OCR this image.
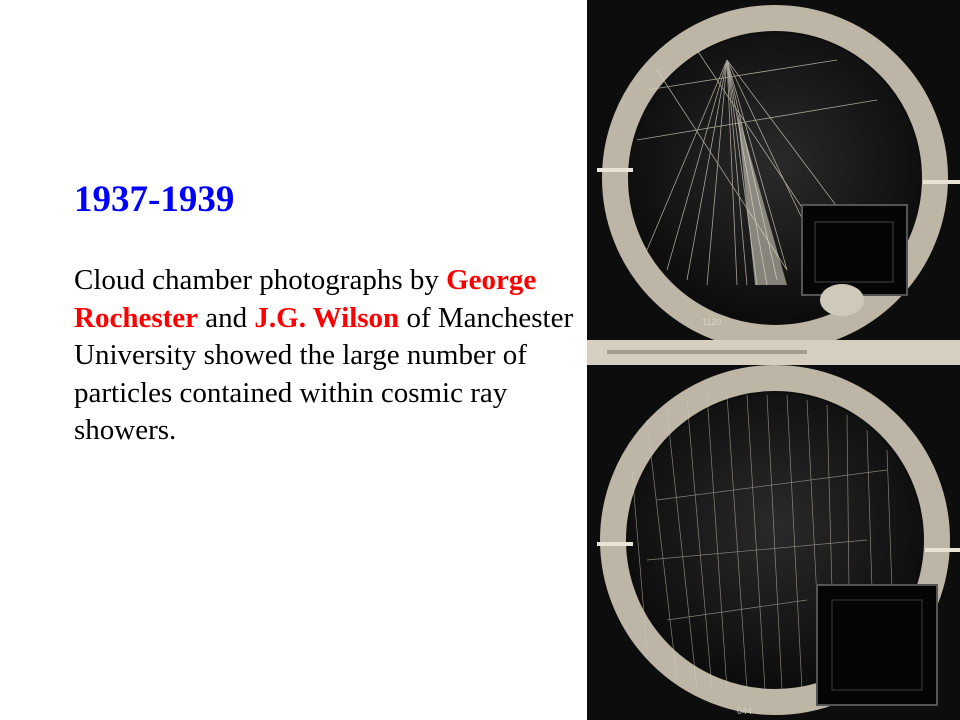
1937-1939

Cloud chamber photographs by George Rochester and J.G. Wilson of Manchester University showed the large number of particles contained within cosmic ray showers.

1120
044
